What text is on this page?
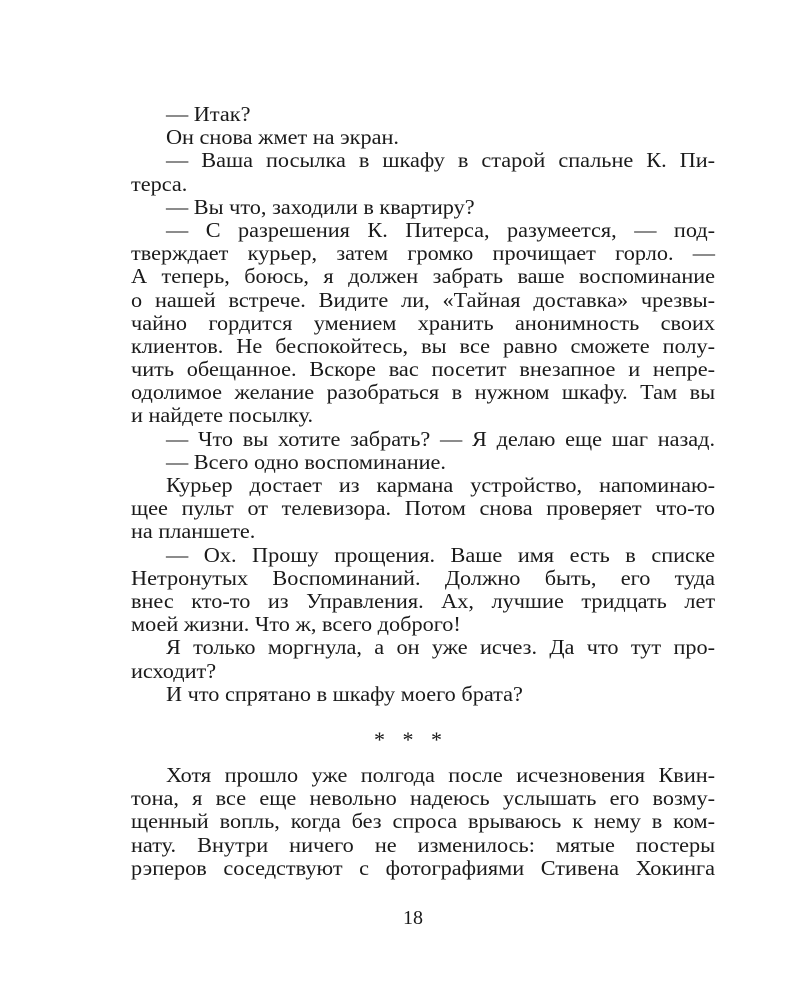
— Итак?
Он снова жмет на экран.
— Ваша посылка в шкафу в старой спальне К. Пи-
терса.
— Вы что, заходили в квартиру?
— С разрешения К. Питерса, разумеется, — под-
тверждает курьер, затем громко прочищает горло. —
А теперь, боюсь, я должен забрать ваше воспоминание
о нашей встрече. Видите ли, «Тайная доставка» чрезвы-
чайно гордится умением хранить анонимность своих
клиентов. Не беспокойтесь, вы все равно сможете полу-
чить обещанное. Вскоре вас посетит внезапное и непре-
одолимое желание разобраться в нужном шкафу. Там вы
и найдете посылку.
— Что вы хотите забрать? — Я делаю еще шаг назад.
— Всего одно воспоминание.
Курьер достает из кармана устройство, напоминаю-
щее пульт от телевизора. Потом снова проверяет что-то
на планшете.
— Ох. Прошу прощения. Ваше имя есть в списке
Нетронутых Воспоминаний. Должно быть, его туда
внес кто-то из Управления. Ах, лучшие тридцать лет
моей жизни. Что ж, всего доброго!
Я только моргнула, а он уже исчез. Да что тут про-
исходит?
И что спрятано в шкафу моего брата?
* * *
Хотя прошло уже полгода после исчезновения Квин-
тона, я все еще невольно надеюсь услышать его возму-
щенный вопль, когда без спроса врываюсь к нему в ком-
нату. Внутри ничего не изменилось: мятые постеры
рэперов соседствуют с фотографиями Стивена Хокинга
18
